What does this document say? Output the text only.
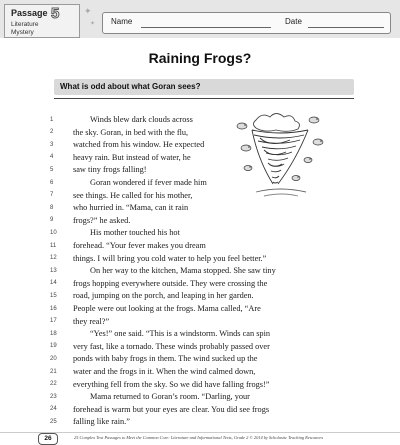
Passage 5
Literature
Mystery
✦
✦ Name	Date
Raining Frogs?
What is odd about what Goran sees?
1	Winds blew dark clouds across
2	the sky. Goran, in bed with the flu,
3	watched from his window. He expected
4	heavy rain. But instead of water, he
5	saw tiny frogs falling!
6	Goran wondered if fever made him
7	see things. He called for his mother,
8	who hurried in. “Mama, can it rain
9	frogs?” he asked.
10	His mother touched his hot
11	forehead. “Your fever makes you dream
12	things. I will bring you cold water to help you feel better.”
13	On her way to the kitchen, Mama stopped. She saw tiny
14	frogs hopping everywhere outside. They were crossing the
15	road, jumping on the porch, and leaping in her garden.
16	People were out looking at the frogs. Mama called, “Are
17	they real?”
18	“Yes!” one said. “This is a windstorm. Winds can spin
19	very fast, like a tornado. These winds probably passed over
20	ponds with baby frogs in them. The wind sucked up the
21	water and the frogs in it. When the wind calmed down,
22	everything fell from the sky. So we did have falling frogs!”
23	Mama returned to Goran’s room. “Darling, your
24	forehead is warm but your eyes are clear. You did see frogs
25	falling like rain.”
26	25 Complex Text Passages to Meet the Common Core: Literature and Informational Texts, Grade 2 © 2014 by Scholastic Teaching Resources
